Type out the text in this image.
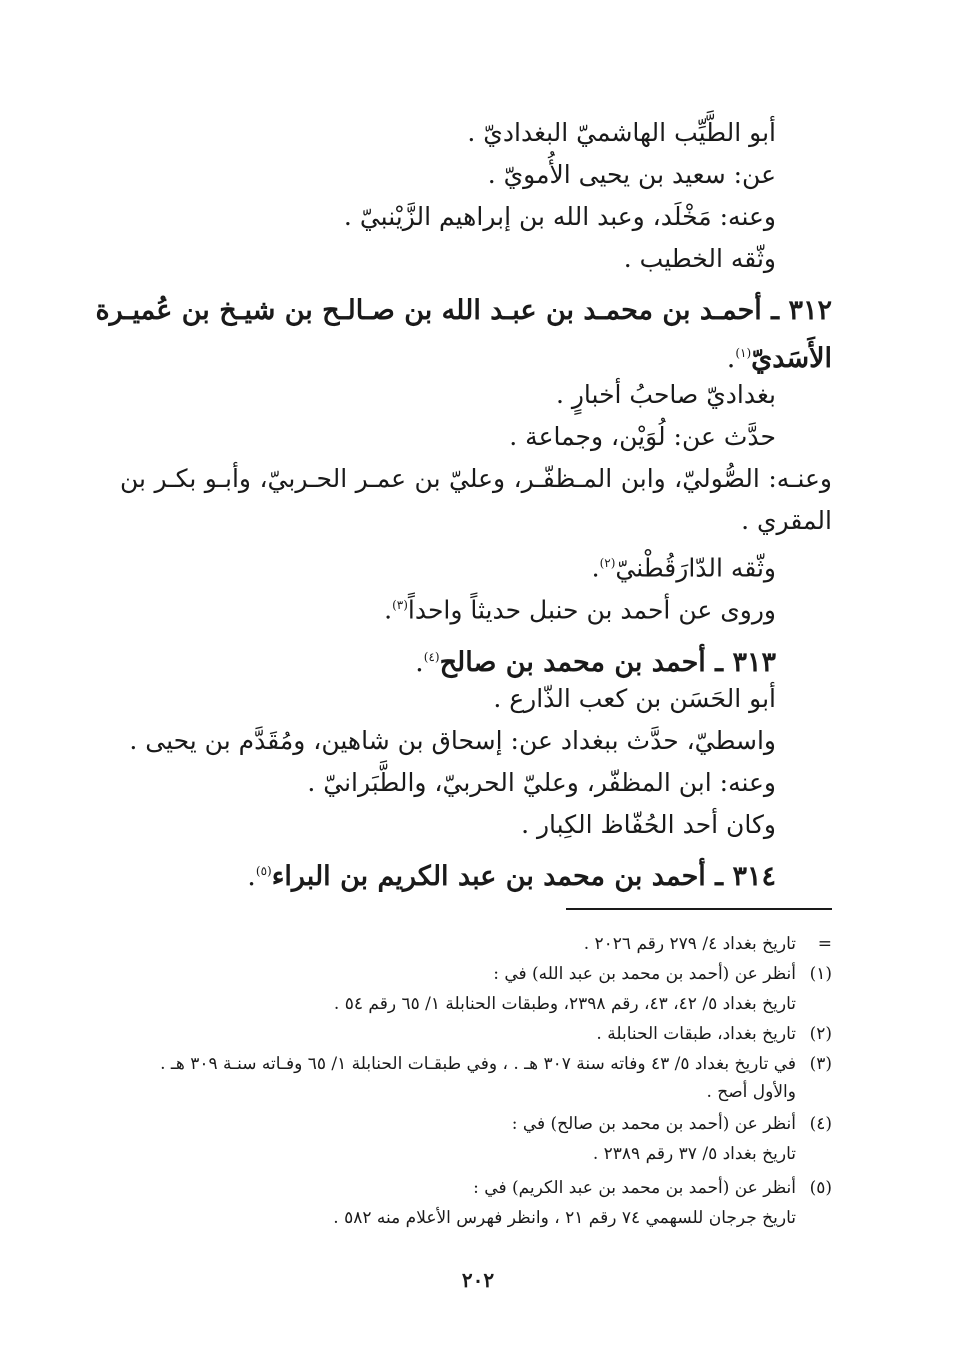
أبو الطَّيِّب الهاشميّ البغداديّ .
عن: سعيد بن يحيى الأُمويّ .
وعنه: مَخْلَد، وعبد الله بن إبراهيم الزَّيْنبيّ .
وثّقه الخطيب .
٣١٢ ـ أحمـد بن محمـد بن عبـد الله بن صـالـح بن شيـخ بن عُميـرة
الأَسَديّ$^{(١)}$.
بغداديّ صاحبُ أخبارٍ .
حدَّث عن: لُوَيْن، وجماعة .
وعنـه: الصُّوليّ، وابن المـظفّـر، وعليّ بن عمـر الحـربيّ، وأبـو بكـر بن
المقري .
وثّقه الدّارَقُطْنيّ$^{(٢)}$.
وروى عن أحمد بن حنبل حديثاً واحداً$^{(٣)}$.
٣١٣ ـ أحمد بن محمد بن صالح$^{(٤)}$.
أبو الحَسَن بن كعب الذّارع .
واسطيّ، حدَّث ببغداد عن: إسحاق بن شاهين، ومُقَدَّم بن يحيى .
وعنه: ابن المظفّر، وعليّ الحربيّ، والطَّبَرانيّ .
وكان أحد الحُفّاظ الكِبار .
٣١٤ ـ أحمد بن محمد بن عبد الكريم بن البراء$^{(٥)}$.
=
تاريخ بغداد ٤/ ٢٧٩ رقم ٢٠٢٦ .
(١)
أنظر عن (أحمد بن محمد بن عبد الله) في :
تاريخ بغداد ٥/ ٤٢، ٤٣، رقم ٢٣٩٨، وطبقات الحنابلة ١/ ٦٥ رقم ٥٤ .
(٢)
تاريخ بغداد، طبقات الحنابلة .
(٣)
في تاريخ بغداد ٥/ ٤٣ وفاته سنة ٣٠٧ هـ . ، وفي طبقـات الحنابلة ١/ ٦٥ وفـاته سنـة ٣٠٩ هـ .
والأول أصح .
(٤)
أنظر عن (أحمد بن محمد بن صالح) في :
تاريخ بغداد ٥/ ٣٧ رقم ٢٣٨٩ .
(٥)
أنظر عن (أحمد بن محمد بن عبد الكريم) في :
تاريخ جرجان للسهمي ٧٤ رقم ٢١ ، وانظر فهرس الأعلام منه ٥٨٢ .
٢٠٢
